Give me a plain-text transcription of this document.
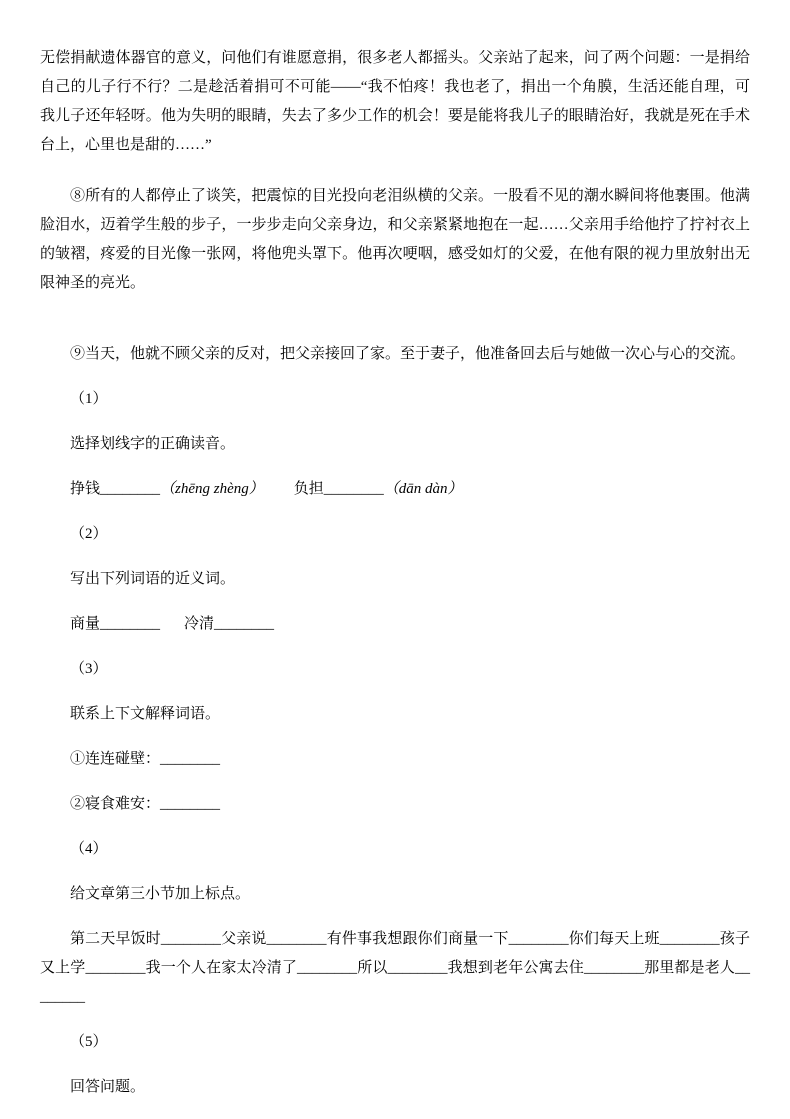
无偿捐献遗体器官的意义，问他们有谁愿意捐，很多老人都摇头。父亲站了起来，问了两个问题：一是捐给自己的儿子行不行？二是趁活着捐可不可能——“我不怕疼！我也老了，捐出一个角膜，生活还能自理，可我儿子还年轻呀。他为失明的眼睛，失去了多少工作的机会！要是能将我儿子的眼睛治好，我就是死在手术台上，心里也是甜的……”

⑧所有的人都停止了谈笑，把震惊的目光投向老泪纵横的父亲。一股看不见的潮水瞬间将他裹围。他满脸泪水，迈着学生般的步子，一步步走向父亲身边，和父亲紧紧地抱在一起……父亲用手给他拧了拧衬衣上的皱褶，疼爱的目光像一张网，将他兜头罩下。他再次哽咽，感受如灯的父爱，在他有限的视力里放射出无限神圣的亮光。

⑨当天，他就不顾父亲的反对，把父亲接回了家。至于妻子，他准备回去后与她做一次心与心的交流。

（1）

选择划线字的正确读音。

挣钱________（zhēng zhèng） 负担________（dān dàn）

（2）

写出下列词语的近义词。

商量________ 冷清________

（3）

联系上下文解释词语。

①连连碰壁：________

②寝食难安：________

（4）

给文章第三小节加上标点。

第二天早饭时________父亲说________有件事我想跟你们商量一下________你们每天上班________孩子又上学________我一个人在家太冷清了________所以________我想到老年公寓去住________那里都是老人________

（5）

回答问题。
